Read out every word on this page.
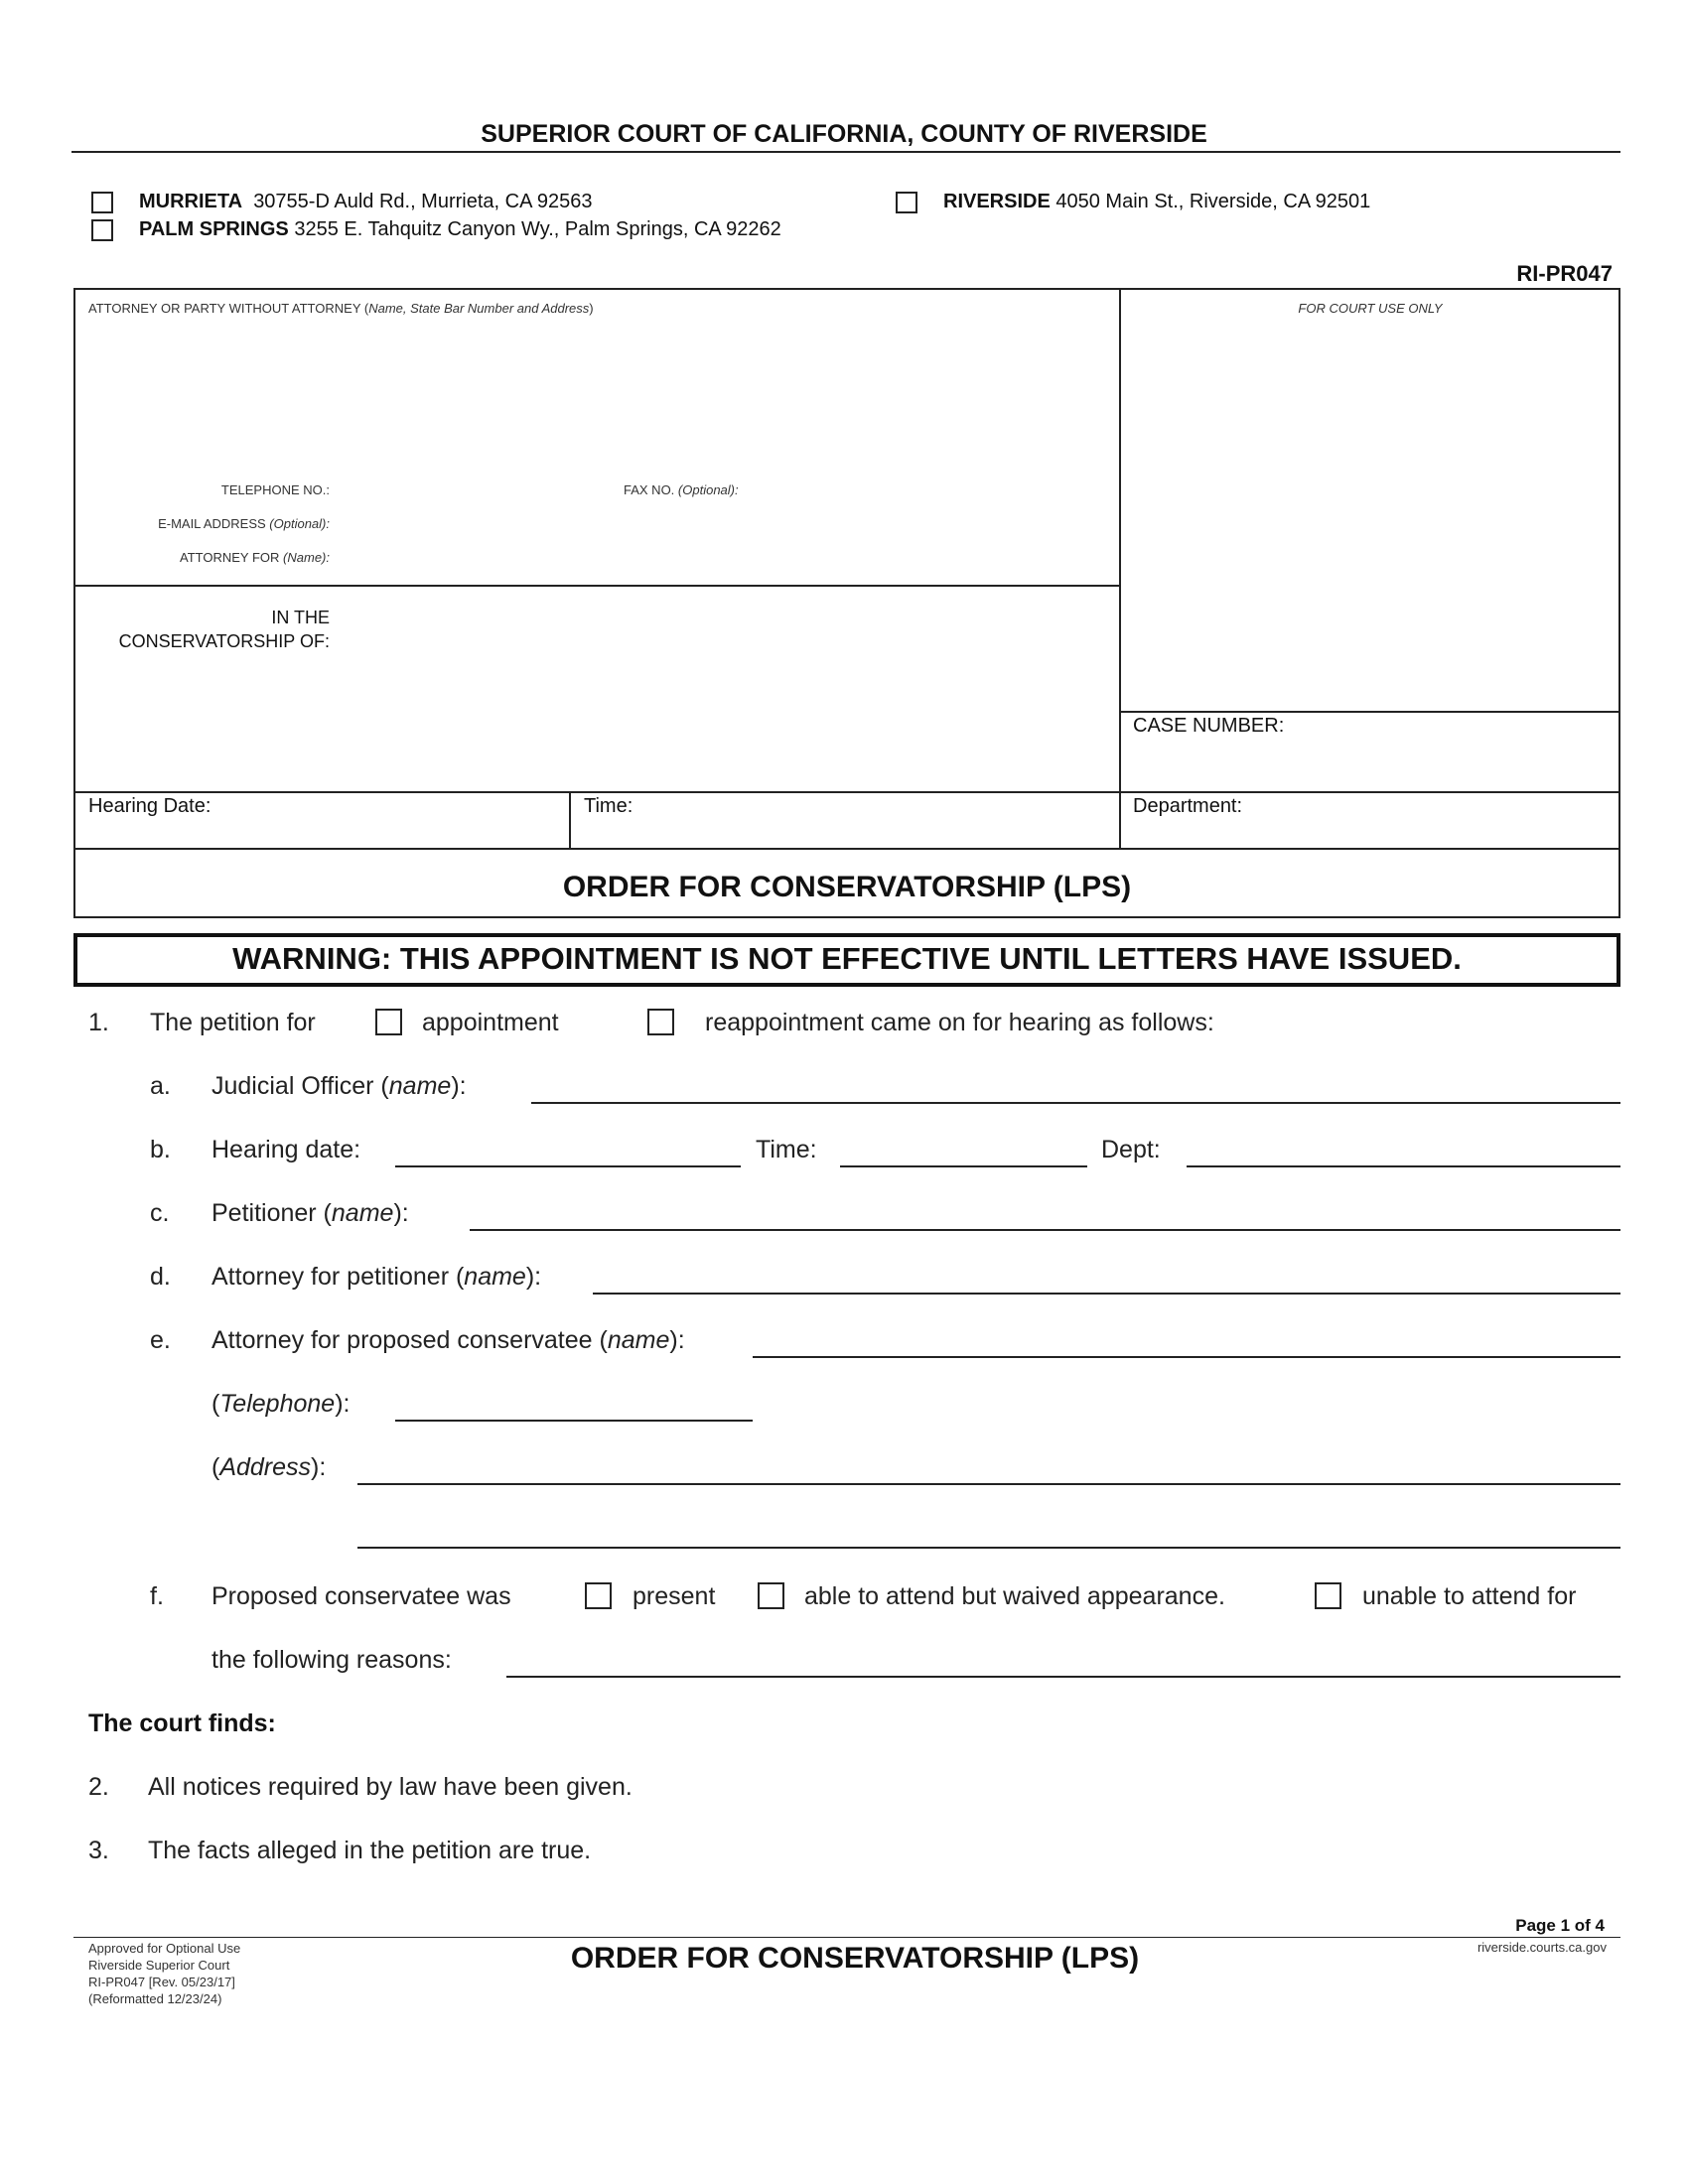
SUPERIOR COURT OF CALIFORNIA, COUNTY OF RIVERSIDE
MURRIETA 30755-D Auld Rd., Murrieta, CA 92563
PALM SPRINGS 3255 E. Tahquitz Canyon Wy., Palm Springs, CA 92262
RIVERSIDE 4050 Main St., Riverside, CA 92501
RI-PR047
ATTORNEY OR PARTY WITHOUT ATTORNEY (Name, State Bar Number and Address)	FOR COURT USE ONLY
TELEPHONE NO.:	FAX NO. (Optional):
E-MAIL ADDRESS (Optional):
ATTORNEY FOR (Name):
IN THE
CONSERVATORSHIP OF:
CASE NUMBER:
Hearing Date:	Time:	Department:
ORDER FOR CONSERVATORSHIP (LPS)
WARNING: THIS APPOINTMENT IS NOT EFFECTIVE UNTIL LETTERS HAVE ISSUED.
1. The petition for	appointment	reappointment came on for hearing as follows:
a. Judicial Officer (name):
b. Hearing date:	Time:	Dept:
c. Petitioner (name):
d. Attorney for petitioner (name):
e. Attorney for proposed conservatee (name):
(Telephone):
(Address):
f. Proposed conservatee was	present	able to attend but waived appearance.	unable to attend for
the following reasons:
The court finds:
2. All notices required by law have been given.
3. The facts alleged in the petition are true.
Page 1 of 4
Approved for Optional Use
Riverside Superior Court
RI-PR047 [Rev. 05/23/17]
(Reformatted 12/23/24)
ORDER FOR CONSERVATORSHIP (LPS)	riverside.courts.ca.gov
